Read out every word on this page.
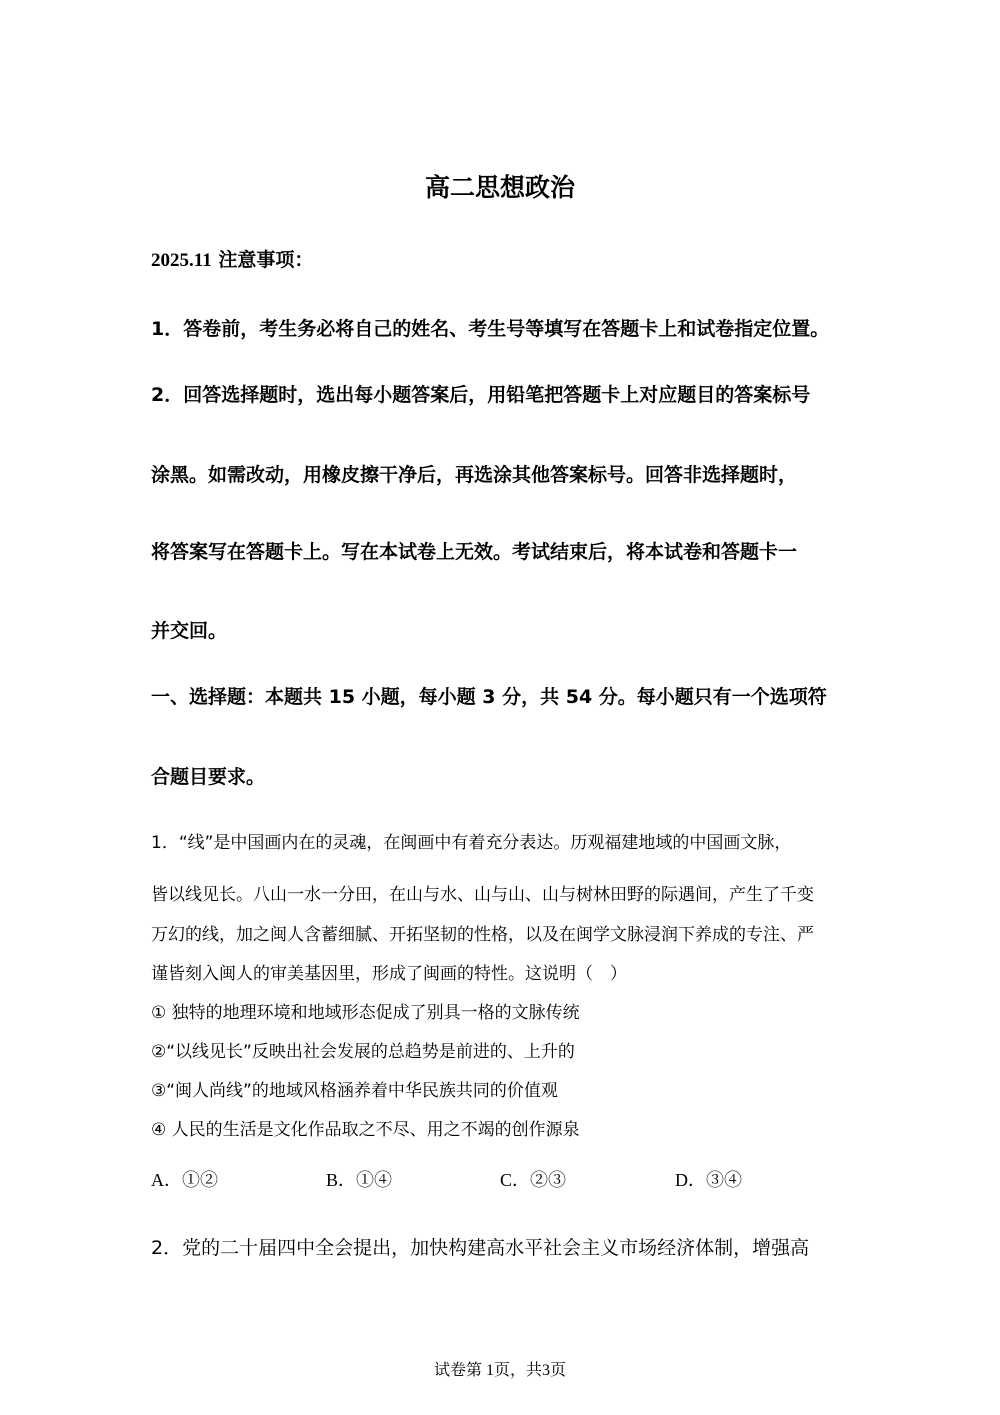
高二思想政治
2025.11 注意事项：
1．答卷前，考生务必将自己的姓名、考生号等填写在答题卡上和试卷指定位置。
2．回答选择题时，选出每小题答案后，用铅笔把答题卡上对应题目的答案标号
涂黑。如需改动，用橡皮擦干净后，再选涂其他答案标号。回答非选择题时，
将答案写在答题卡上。写在本试卷上无效。考试结束后，将本试卷和答题卡一
并交回。
一、选择题：本题共 15 小题，每小题 3 分，共 54 分。每小题只有一个选项符
合题目要求。
1．“线”是中国画内在的灵魂，在闽画中有着充分表达。历观福建地域的中国画文脉，
皆以线见长。八山一水一分田，在山与水、山与山、山与树林田野的际遇间，产生了千变
万幻的线，加之闽人含蓄细腻、开拓坚韧的性格，以及在闽学文脉浸润下养成的专注、严
谨皆刻入闽人的审美基因里，形成了闽画的特性。这说明（　）
① 独特的地理环境和地域形态促成了别具一格的文脉传统
②“以线见长”反映出社会发展的总趋势是前进的、上升的
③“闽人尚线”的地域风格涵养着中华民族共同的价值观
④ 人民的生活是文化作品取之不尽、用之不竭的创作源泉
A．①②	B．①④	C．②③	D．③④
2．党的二十届四中全会提出，加快构建高水平社会主义市场经济体制，增强高
试卷第 1页，共3页
